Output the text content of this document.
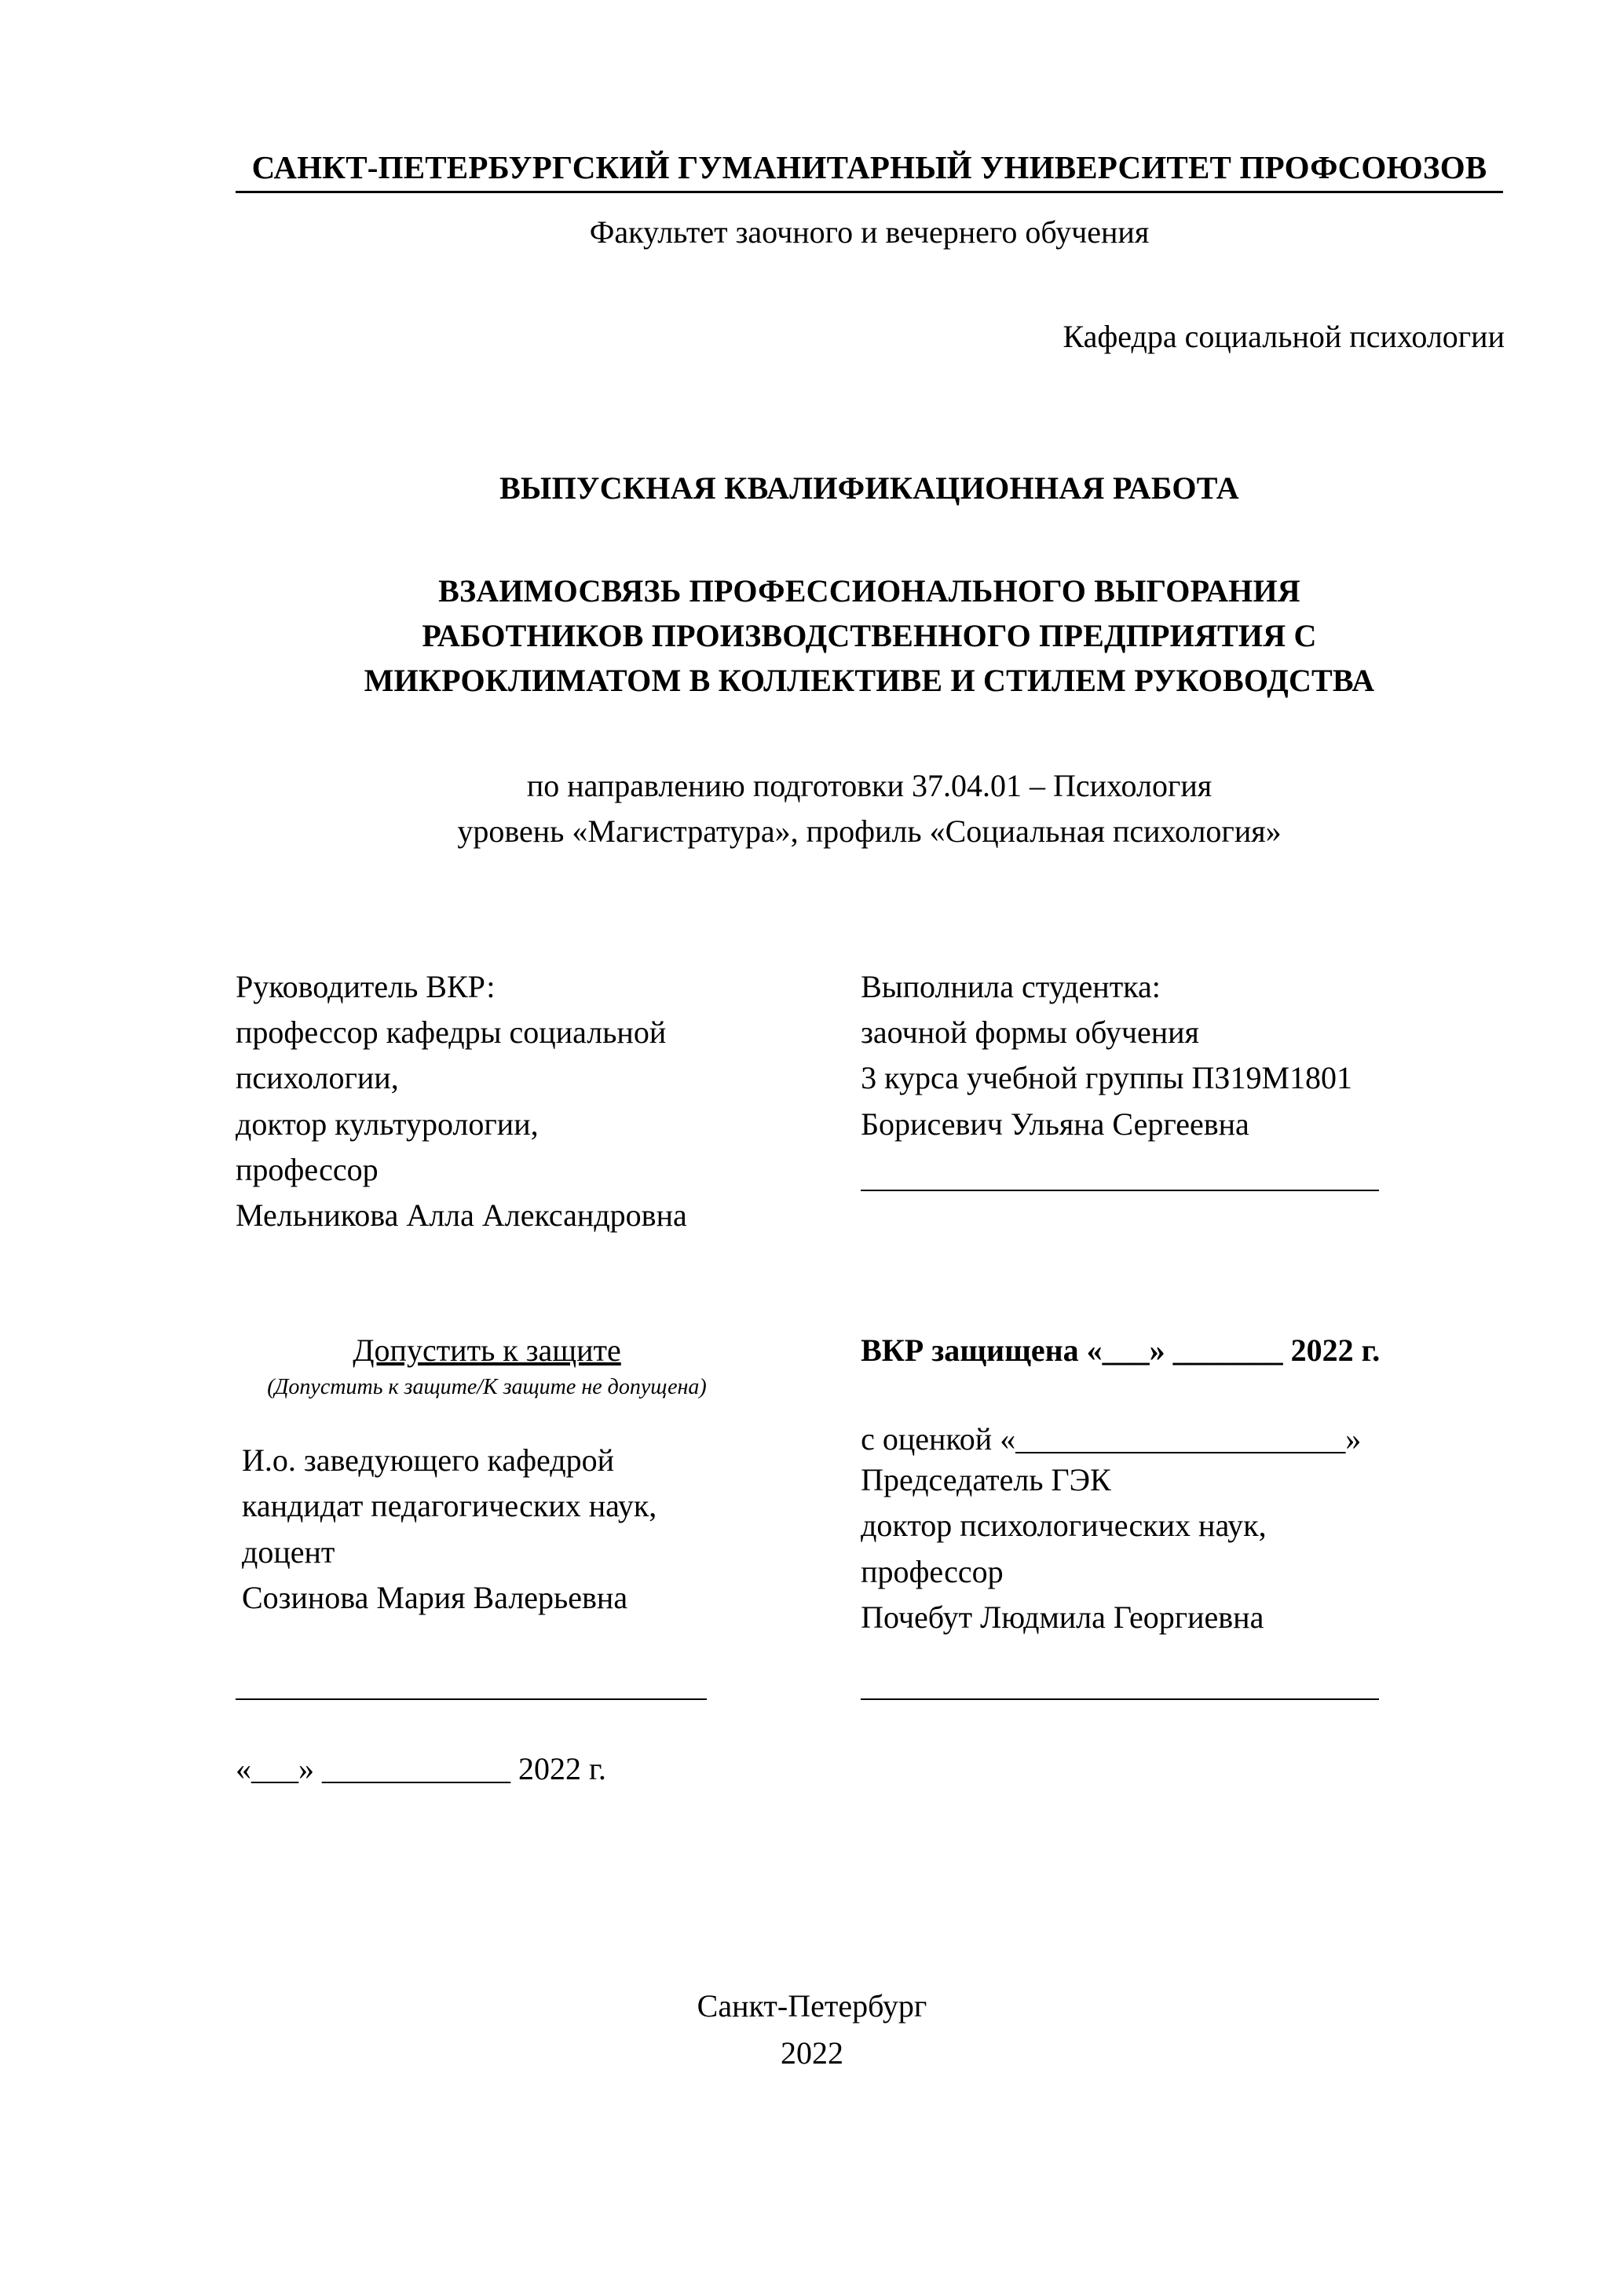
САНКТ-ПЕТЕРБУРГСКИЙ ГУМАНИТАРНЫЙ УНИВЕРСИТЕТ ПРОФСОЮЗОВ
Факультет заочного и вечернего обучения
Кафедра социальной психологии
ВЫПУСКНАЯ КВАЛИФИКАЦИОННАЯ РАБОТА
ВЗАИМОСВЯЗЬ ПРОФЕССИОНАЛЬНОГО ВЫГОРАНИЯ
РАБОТНИКОВ ПРОИЗВОДСТВЕННОГО ПРЕДПРИЯТИЯ С
МИКРОКЛИМАТОМ В КОЛЛЕКТИВЕ И СТИЛЕМ РУКОВОДСТВА
по направлению подготовки 37.04.01 – Психология
уровень «Магистратура», профиль «Социальная психология»
Руководитель ВКР:
профессор кафедры социальной
психологии,
доктор культурологии,
профессор
Мельникова Алла Александровна
Выполнила студентка:
заочной формы обучения
3 курса учебной группы ПЗ19М1801
Борисевич Ульяна Сергеевна
Допустить к защите
(Допустить к защите/К защите не допущена)
И.о. заведующего кафедрой
кандидат педагогических наук,
доцент
Созинова Мария Валерьевна
ВКР защищена «___» _______ 2022 г.
с оценкой «_____________________»
Председатель ГЭК
доктор психологических наук,
профессор
Почебут Людмила Георгиевна
«___» ____________ 2022 г.
Санкт-Петербург
2022
